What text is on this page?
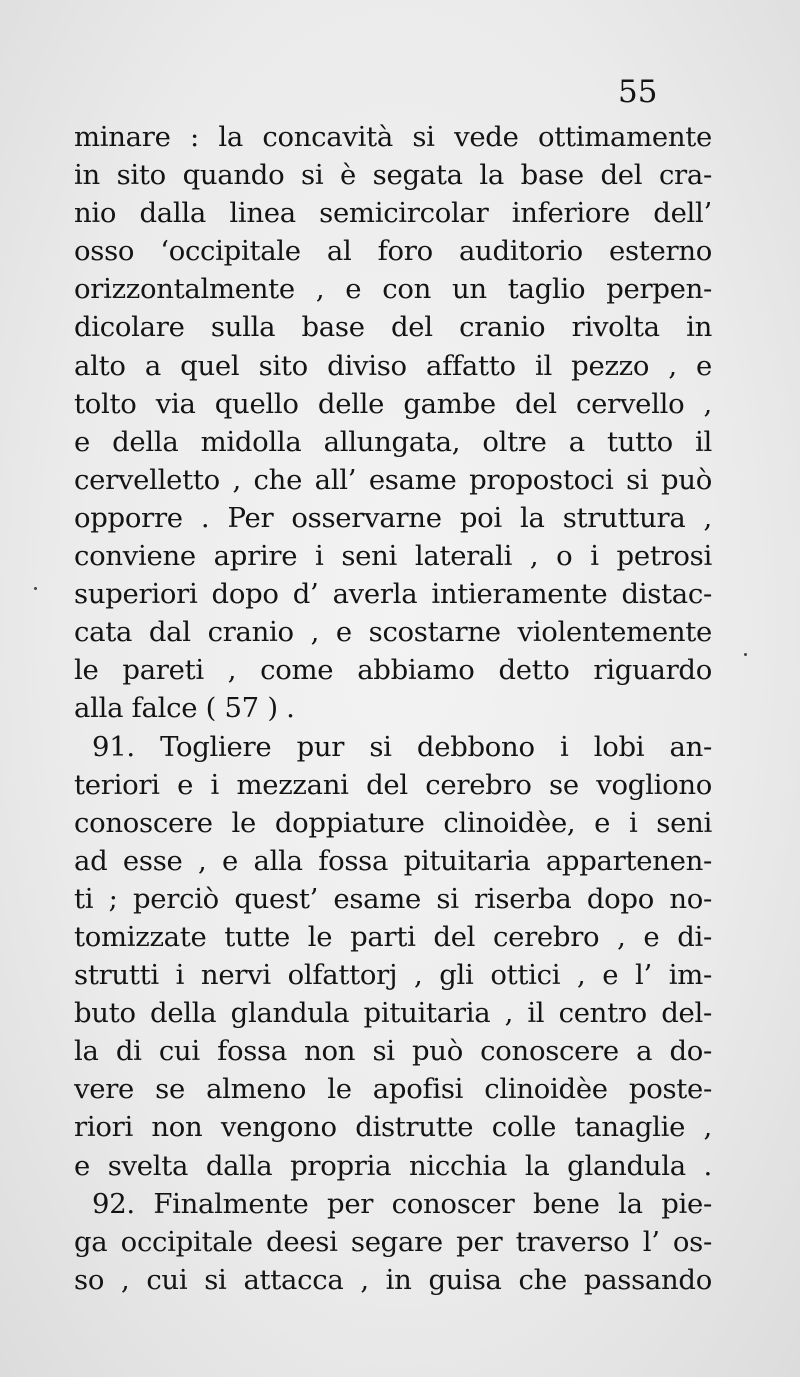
55
minare : la concavità si vede ottimamente
in sito quando si è segata la base del cra-
nio dalla linea semicircolar inferiore dell’
osso ‘occipitale al foro auditorio esterno
orizzontalmente , e con un taglio perpen-
dicolare sulla base del cranio rivolta in
alto a quel sito diviso affatto il pezzo , e
tolto via quello delle gambe del cervello ,
e della midolla allungata, oltre a tutto il
cervelletto , che all’ esame propostoci si può
opporre . Per osservarne poi la struttura ,
conviene aprire i seni laterali , o i petrosi
superiori dopo d’ averla intieramente distac-
cata dal cranio , e scostarne violentemente
le pareti , come abbiamo detto riguardo
alla falce ( 57 ) .
91. Togliere pur si debbono i lobi an-
teriori e i mezzani del cerebro se vogliono
conoscere le doppiature clinoidèe, e i seni
ad esse , e alla fossa pituitaria appartenen-
ti ; perciò quest’ esame si riserba dopo no-
tomizzate tutte le parti del cerebro , e di-
strutti i nervi olfattorj , gli ottici , e l’ im-
buto della glandula pituitaria , il centro del-
la di cui fossa non si può conoscere a do-
vere se almeno le apofisi clinoidèe poste-
riori non vengono distrutte colle tanaglie ,
e svelta dalla propria nicchia la glandula .
92. Finalmente per conoscer bene la pie-
ga occipitale deesi segare per traverso l’ os-
so , cui si attacca , in guisa che passando
